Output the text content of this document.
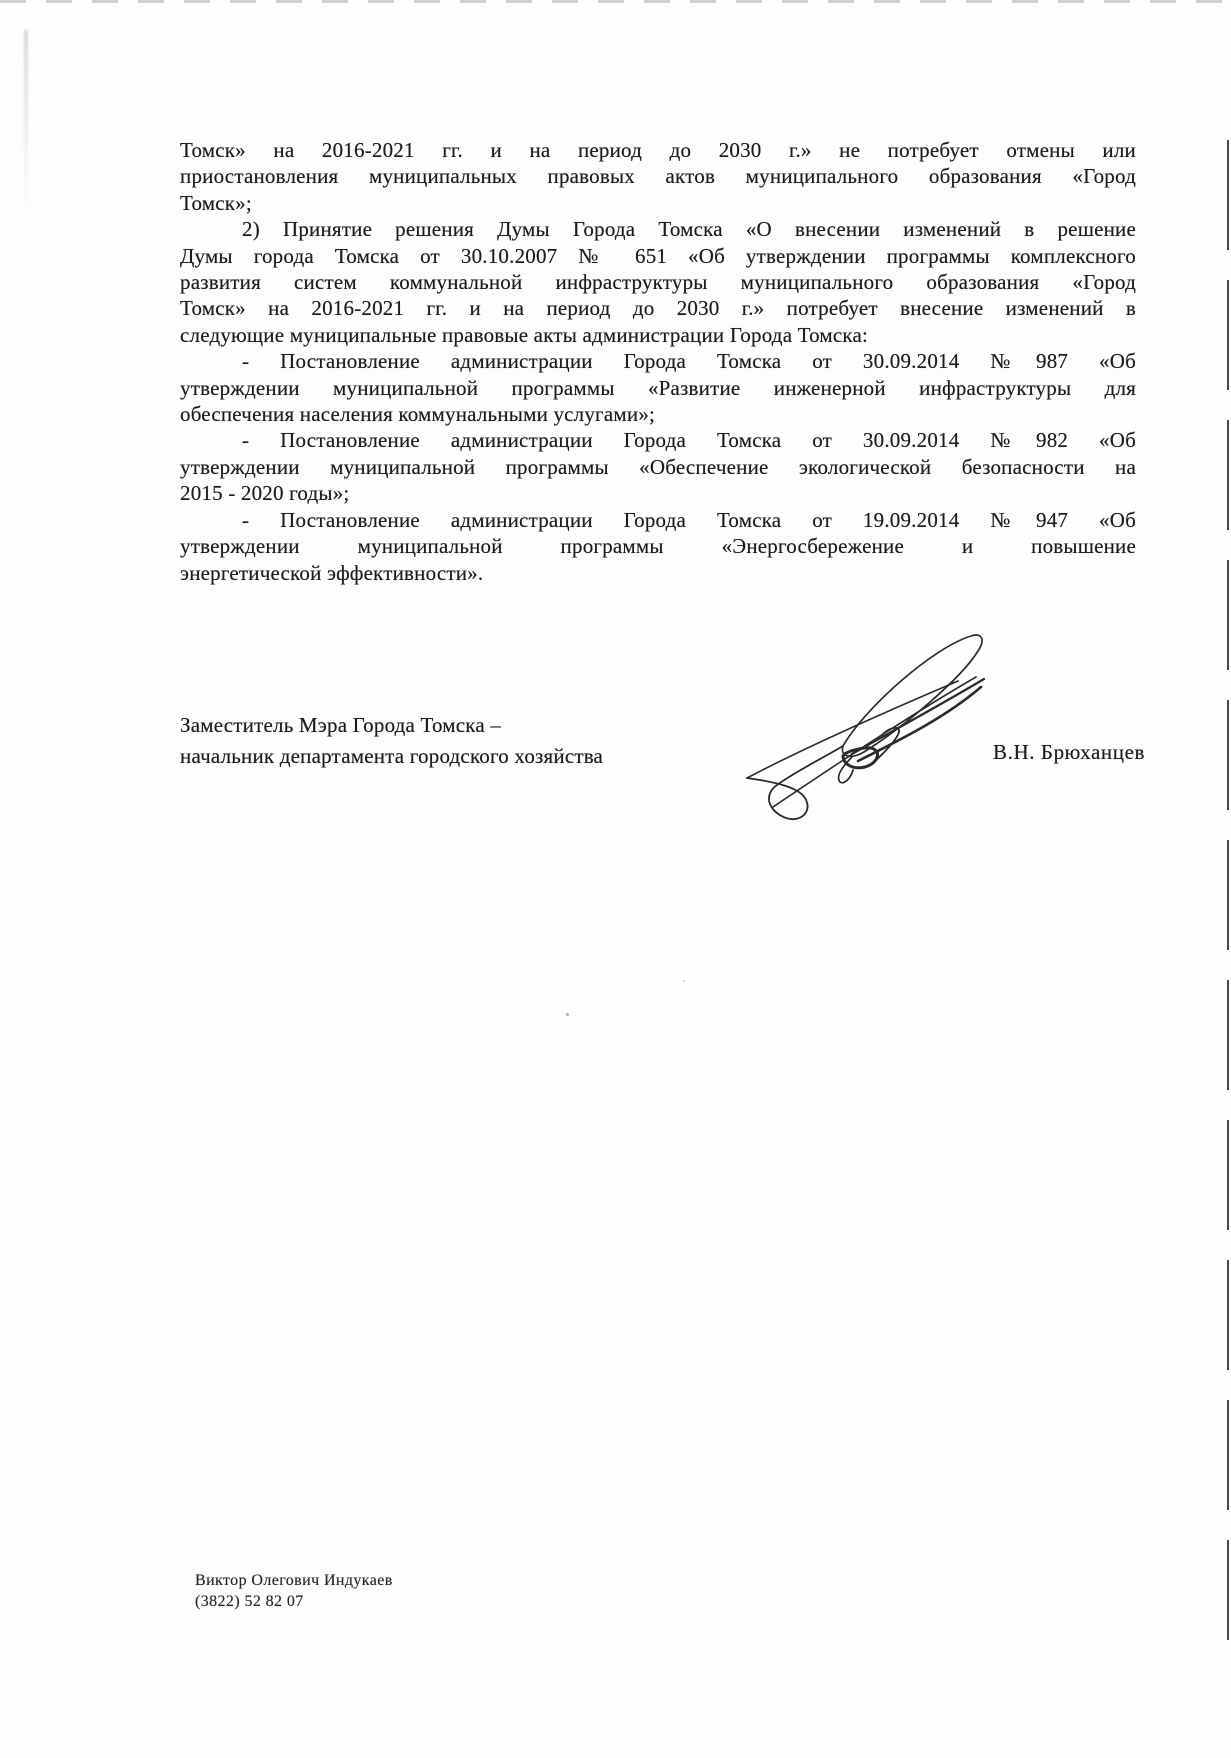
Томск» на 2016-2021 гг. и на период до 2030 г.» не потребует отмены или
приостановления муниципальных правовых актов муниципального образования «Город
Томск»;
2) Принятие решения Думы Города Томска «О внесении изменений в решение
Думы города Томска от 30.10.2007 № 651 «Об утверждении программы комплексного
развития систем коммунальной инфраструктуры муниципального образования «Город
Томск» на 2016-2021 гг. и на период до 2030 г.» потребует внесение изменений в
следующие муниципальные правовые акты администрации Города Томска:
- Постановление администрации Города Томска от 30.09.2014 №987 «Об
утверждении муниципальной программы «Развитие инженерной инфраструктуры для
обеспечения населения коммунальными услугами»;
- Постановление администрации Города Томска от 30.09.2014 №982 «Об
утверждении муниципальной программы «Обеспечение экологической безопасности на
2015 - 2020 годы»;
- Постановление администрации Города Томска от 19.09.2014 №947 «Об
утверждении муниципальной программы «Энергосбережение и повышение
энергетической эффективности».
Заместитель Мэра Города Томска –
начальник департамента городского хозяйства	В.Н. Брюханцев
Виктор Олегович Индукаев
(3822) 52 82 07
